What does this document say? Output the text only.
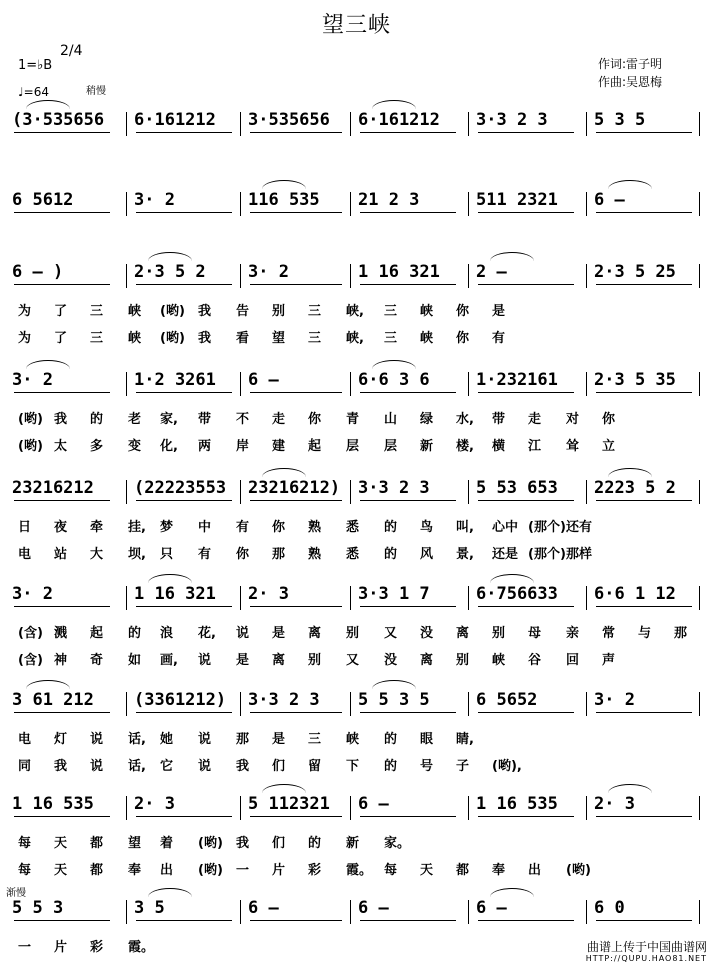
望三峡
1=♭B
2/4
♩=64	稍慢
作词:雷子明
作曲:吴恩梅
(3·535656 6·161212 3·535656 6·161212 3·3 2 3	5 3 5
6 5612	3· 2	116 535 21 2 3	511 2321 6 –
6 – )	2·3 5 2 3· 2	1 16 321 2 –	2·3 5 25
为 了 三 峡 (哟) 我 告 别 三 峡, 三 峡 你 是
为 了 三 峡 (哟) 我 看 望 三 峡, 三 峡 你 有
3· 2	1·2 3261 6 –	6·6 3 6	1·232161 2·3 5 35
(哟) 我 的 老 家, 带 不 走 你 青 山 绿 水, 带 走 对 你
(哟) 太 多 变 化, 两 岸 建 起 层 层 新 楼, 横 江 耸 立
23216212 (22223553 23216212) 3·3 2 3	5 53 653 2223 5 2
日 夜 牵 挂, 梦 中 有 你 熟 悉 的 鸟 叫, 心中 (那个) 还有
电 站 大 坝, 只 有 你 那 熟 悉 的 风 景, 还是 (那个) 那样
3· 2	1 16 321 2· 3	3·3 1 7	6·756633 6·6 1 12
(含) 溅 起 的 浪 花, 说 是 离 别 又 没 离 别 母 亲 常 与 那
(含) 神 奇 如 画, 说 是 离 别 又 没 离 别 峡 谷 回 声
3 61 212 (3361212) 3·3 2 3 5 5 3 5	6 5652	3· 2
电 灯 说 话, 她 说 那 是 三 峡 的 眼 睛,
同 我 说 话, 它 说 我 们 留 下 的 号 子 (哟),
1 16 535 2· 3	5 112321 6 –	1 16 535 2· 3
每 天 都 望 着 (哟) 我 们 的 新 家。
每 天 都 奉 出 (哟) 一 片 彩 霞。 每 天 都 奉 出 (哟)
5 5 3	3 5	6 –	6 –	6 –	6 0
一 片 彩 霞。
渐慢
曲谱上传于中国曲谱网
HTTP://QUPU.HAO81.NET
